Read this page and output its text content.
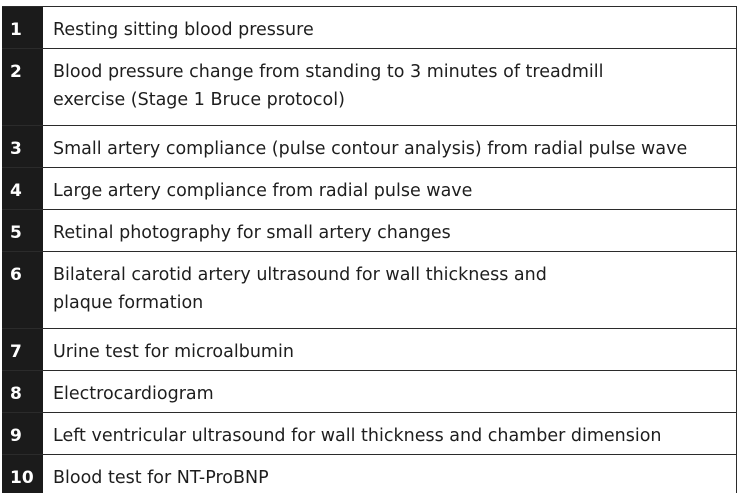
1	Resting sitting blood pressure
2	Blood pressure change from standing to 3 minutes of treadmill
exercise (Stage 1 Bruce protocol)
3	Small artery compliance (pulse contour analysis) from radial pulse wave
4	Large artery compliance from radial pulse wave
5	Retinal photography for small artery changes
6	Bilateral carotid artery ultrasound for wall thickness and
plaque formation
7	Urine test for microalbumin
8	Electrocardiogram
9	Left ventricular ultrasound for wall thickness and chamber dimension
10	Blood test for NT-ProBNP
